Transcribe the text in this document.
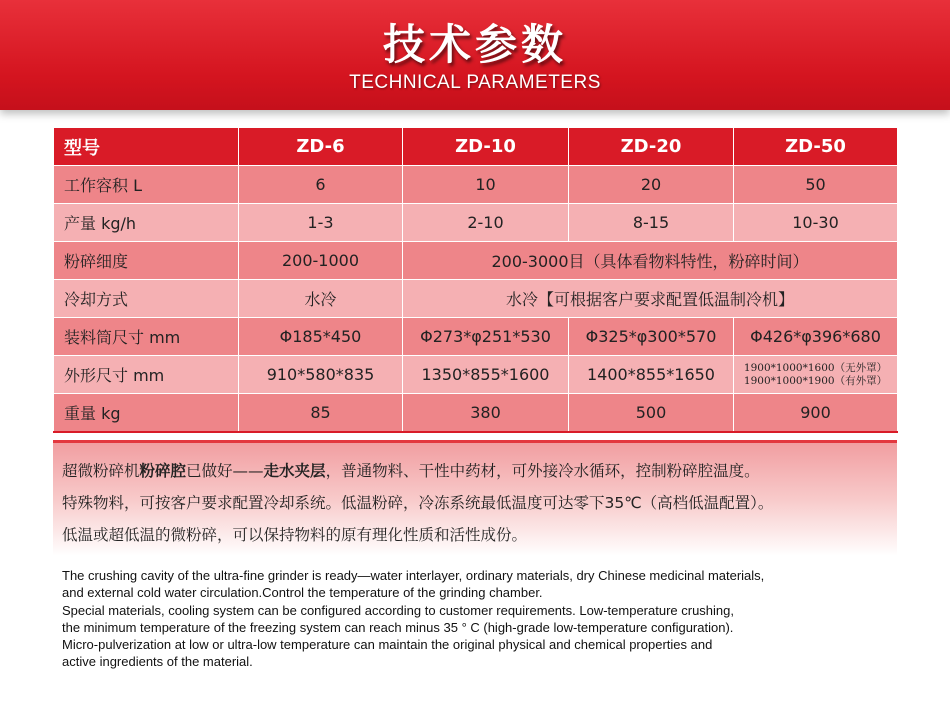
技术参数
TECHNICAL PARAMETERS
型号	ZD-6	ZD-10	ZD-20	ZD-50
工作容积 L	6	10	20	50
产量 kg/h	1-3	2-10	8-15	10-30
粉碎细度	200-1000	200-3000目（具体看物料特性，粉碎时间）		
冷却方式	水冷	水冷【可根据客户要求配置低温制冷机】		
装料筒尺寸 mm	Φ185*450	Φ273*φ251*530	Φ325*φ300*570	Φ426*φ396*680
外形尺寸 mm	910*580*835	1350*855*1600	1400*855*1650	1900*1000*1600（无外罩）
1900*1000*1900（有外罩）

重量 kg	85	380	500	900
超微粉碎机粉碎腔已做好——走水夹层，普通物料、干性中药材，可外接冷水循环，控制粉碎腔温度。
特殊物料，可按客户要求配置冷却系统。低温粉碎，冷冻系统最低温度可达零下35℃（高档低温配置）。
低温或超低温的微粉碎，可以保持物料的原有理化性质和活性成份。
The crushing cavity of the ultra-fine grinder is ready—water interlayer, ordinary materials, dry Chinese medicinal materials,
and external cold water circulation.Control the temperature of the grinding chamber.
Special materials, cooling system can be configured according to customer requirements. Low-temperature crushing,
the minimum temperature of the freezing system can reach minus 35 ° C (high-grade low-temperature configuration).
Micro-pulverization at low or ultra-low temperature can maintain the original physical and chemical properties and
active ingredients of the material.
